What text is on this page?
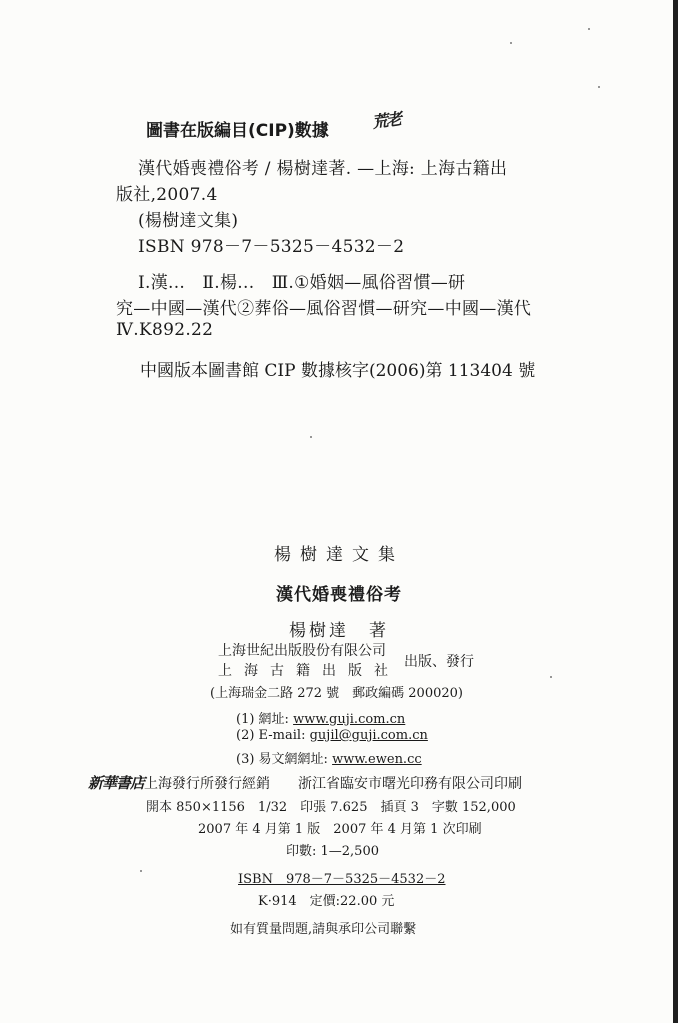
圖書在版編目(CIP)數據	荒老
漢代婚喪禮俗考 / 楊樹達著. —上海: 上海古籍出
版社,2007.4
(楊樹達文集)
ISBN 978－7－5325－4532－2
Ⅰ.漢...　Ⅱ.楊...　Ⅲ.①婚姻—風俗習慣—研
究—中國—漢代②葬俗—風俗習慣—研究—中國—漢代
Ⅳ.K892.22
中國版本圖書館 CIP 數據核字(2006)第 113404 號
楊樹達文集
漢代婚喪禮俗考
楊樹達　著
上海世紀出版股份有限公司
上海古籍出版社
出版、發行
(上海瑞金二路 272 號　郵政編碼 200020)
(1) 網址: www.guji.com.cn
(2) E-mail: gujil@guji.com.cn
(3) 易文網網址: www.ewen.cc
新華書店上海發行所發行經銷 浙江省臨安市曙光印務有限公司印刷
開本 850×1156　1/32　印張 7.625　插頁 3　字數 152,000
2007 年 4 月第 1 版　2007 年 4 月第 1 次印刷
印數: 1—2,500
ISBN　978－7－5325－4532－2
K·914　定價:22.00 元
如有質量問題,請與承印公司聯繫
